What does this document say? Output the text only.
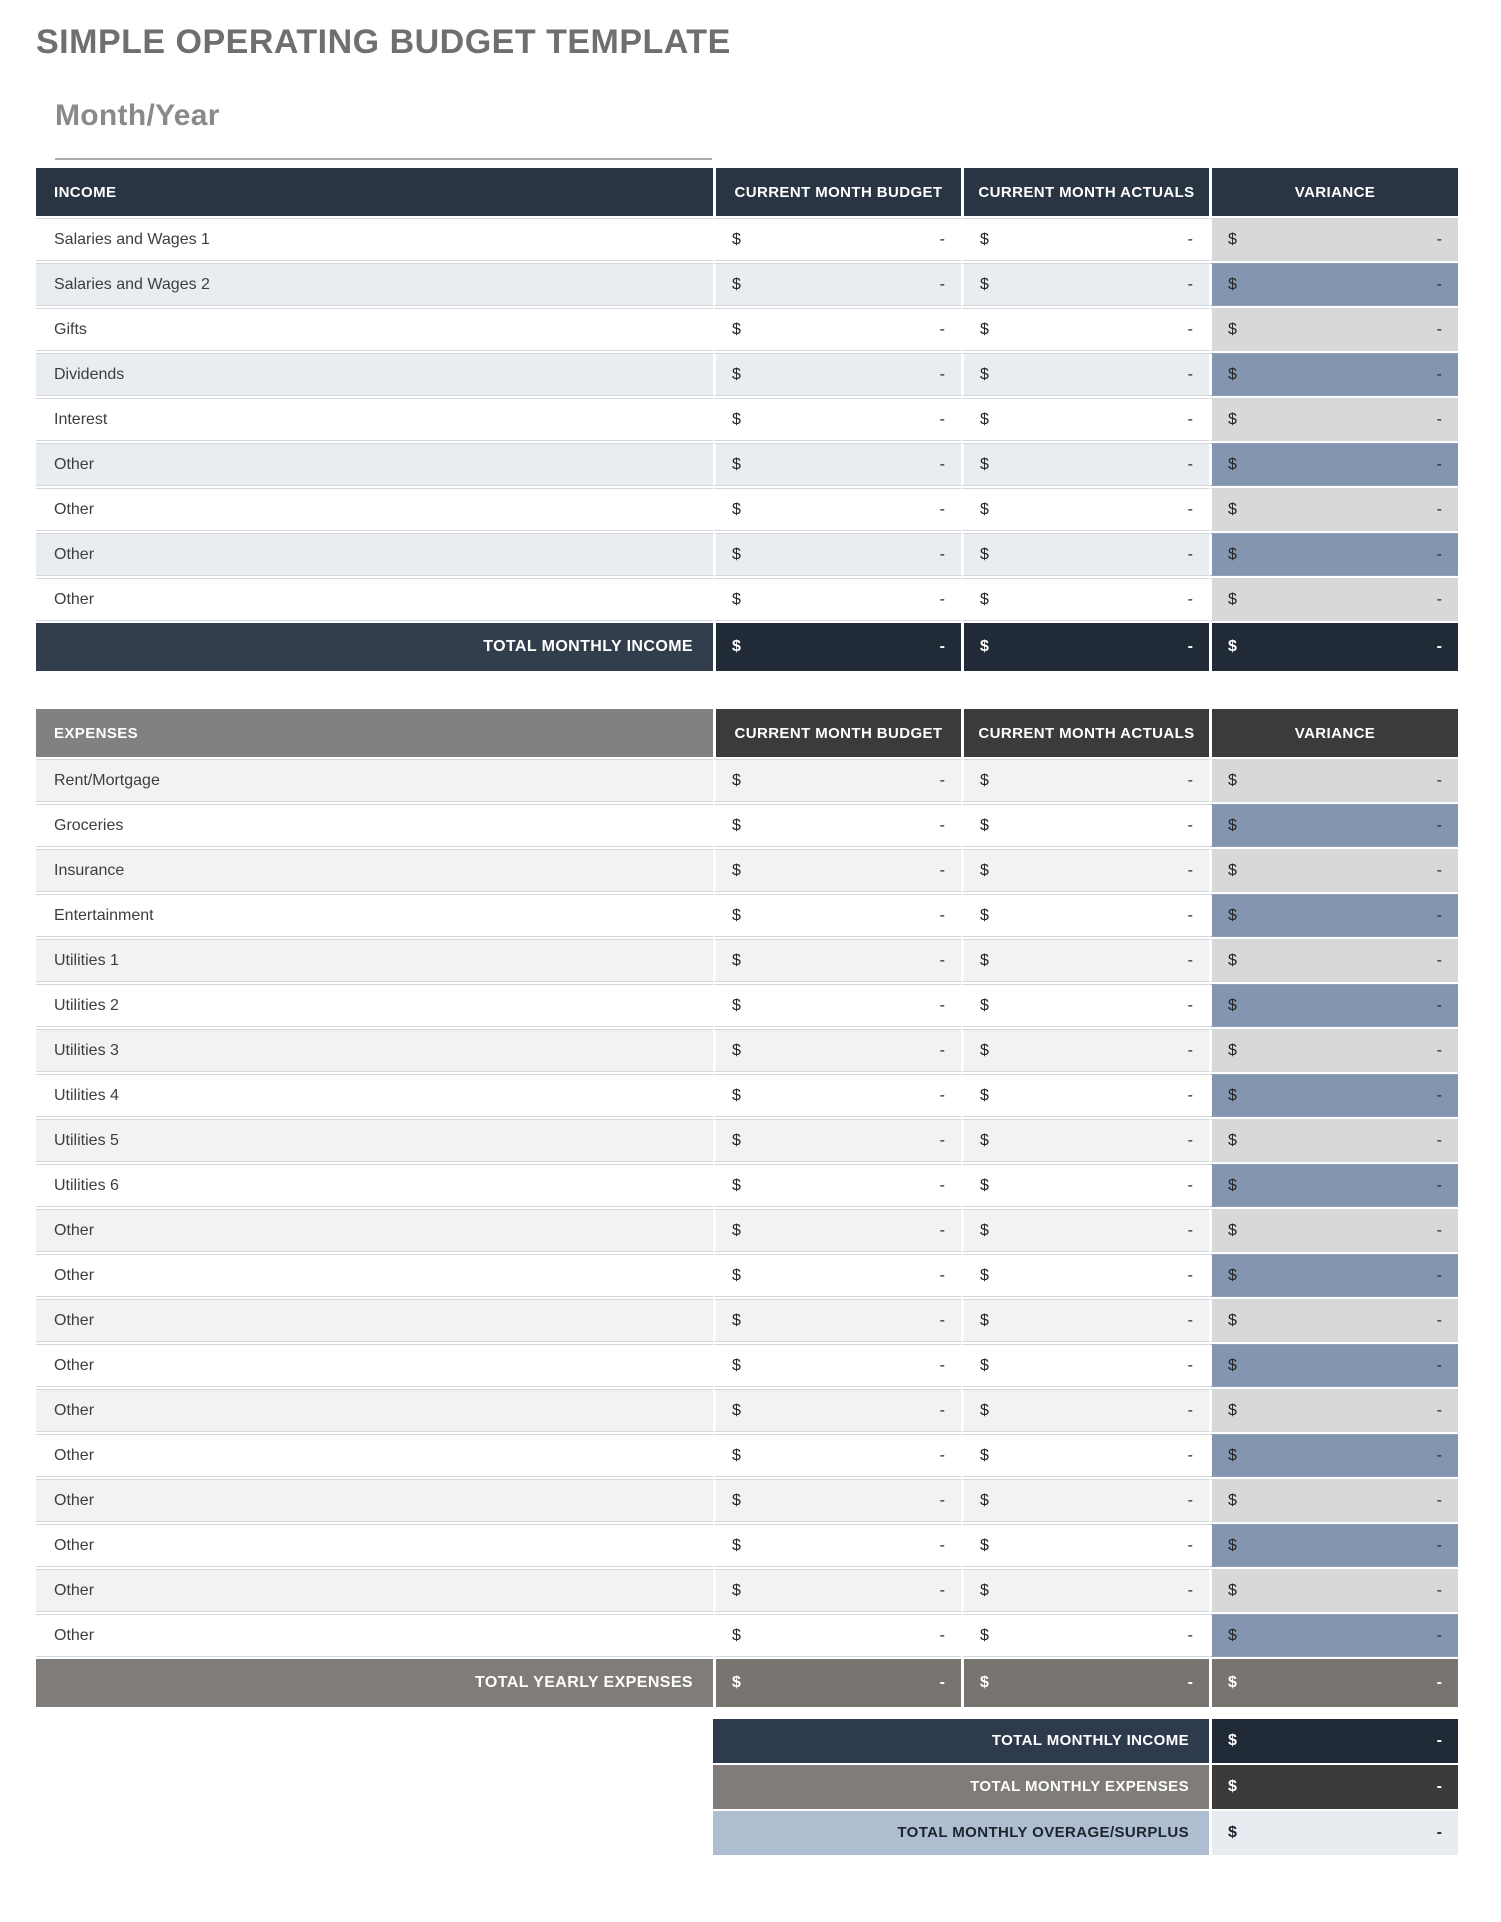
SIMPLE OPERATING BUDGET TEMPLATE
Month/Year
INCOME	CURRENT MONTH BUDGET	CURRENT MONTH ACTUALS	VARIANCE
Salaries and Wages 1	$ -	$ -	$ -

Salaries and Wages 2	$ -	$ -	$ -

Gifts	$ -	$ -	$ -

Dividends	$ -	$ -	$ -

Interest	$ -	$ -	$ -

Other	$ -	$ -	$ -

Other	$ -	$ -	$ -

Other	$ -	$ -	$ -

Other	$ -	$ -	$ -

TOTAL MONTHLY INCOME	$ -	$ -	$ -
EXPENSES	CURRENT MONTH BUDGET	CURRENT MONTH ACTUALS	VARIANCE
Rent/Mortgage	$ -	$ -	$ -

Groceries	$ -	$ -	$ -

Insurance	$ -	$ -	$ -

Entertainment	$ -	$ -	$ -

Utilities 1	$ -	$ -	$ -

Utilities 2	$ -	$ -	$ -

Utilities 3	$ -	$ -	$ -

Utilities 4	$ -	$ -	$ -

Utilities 5	$ -	$ -	$ -

Utilities 6	$ -	$ -	$ -

Other	$ -	$ -	$ -

Other	$ -	$ -	$ -

Other	$ -	$ -	$ -

Other	$ -	$ -	$ -

Other	$ -	$ -	$ -

Other	$ -	$ -	$ -

Other	$ -	$ -	$ -

Other	$ -	$ -	$ -

Other	$ -	$ -	$ -

Other	$ -	$ -	$ -

TOTAL YEARLY EXPENSES	$ -	$ -	$ -
TOTAL MONTHLY INCOME	$	-
TOTAL MONTHLY EXPENSES	$	-
TOTAL MONTHLY OVERAGE/SURPLUS	$	-
